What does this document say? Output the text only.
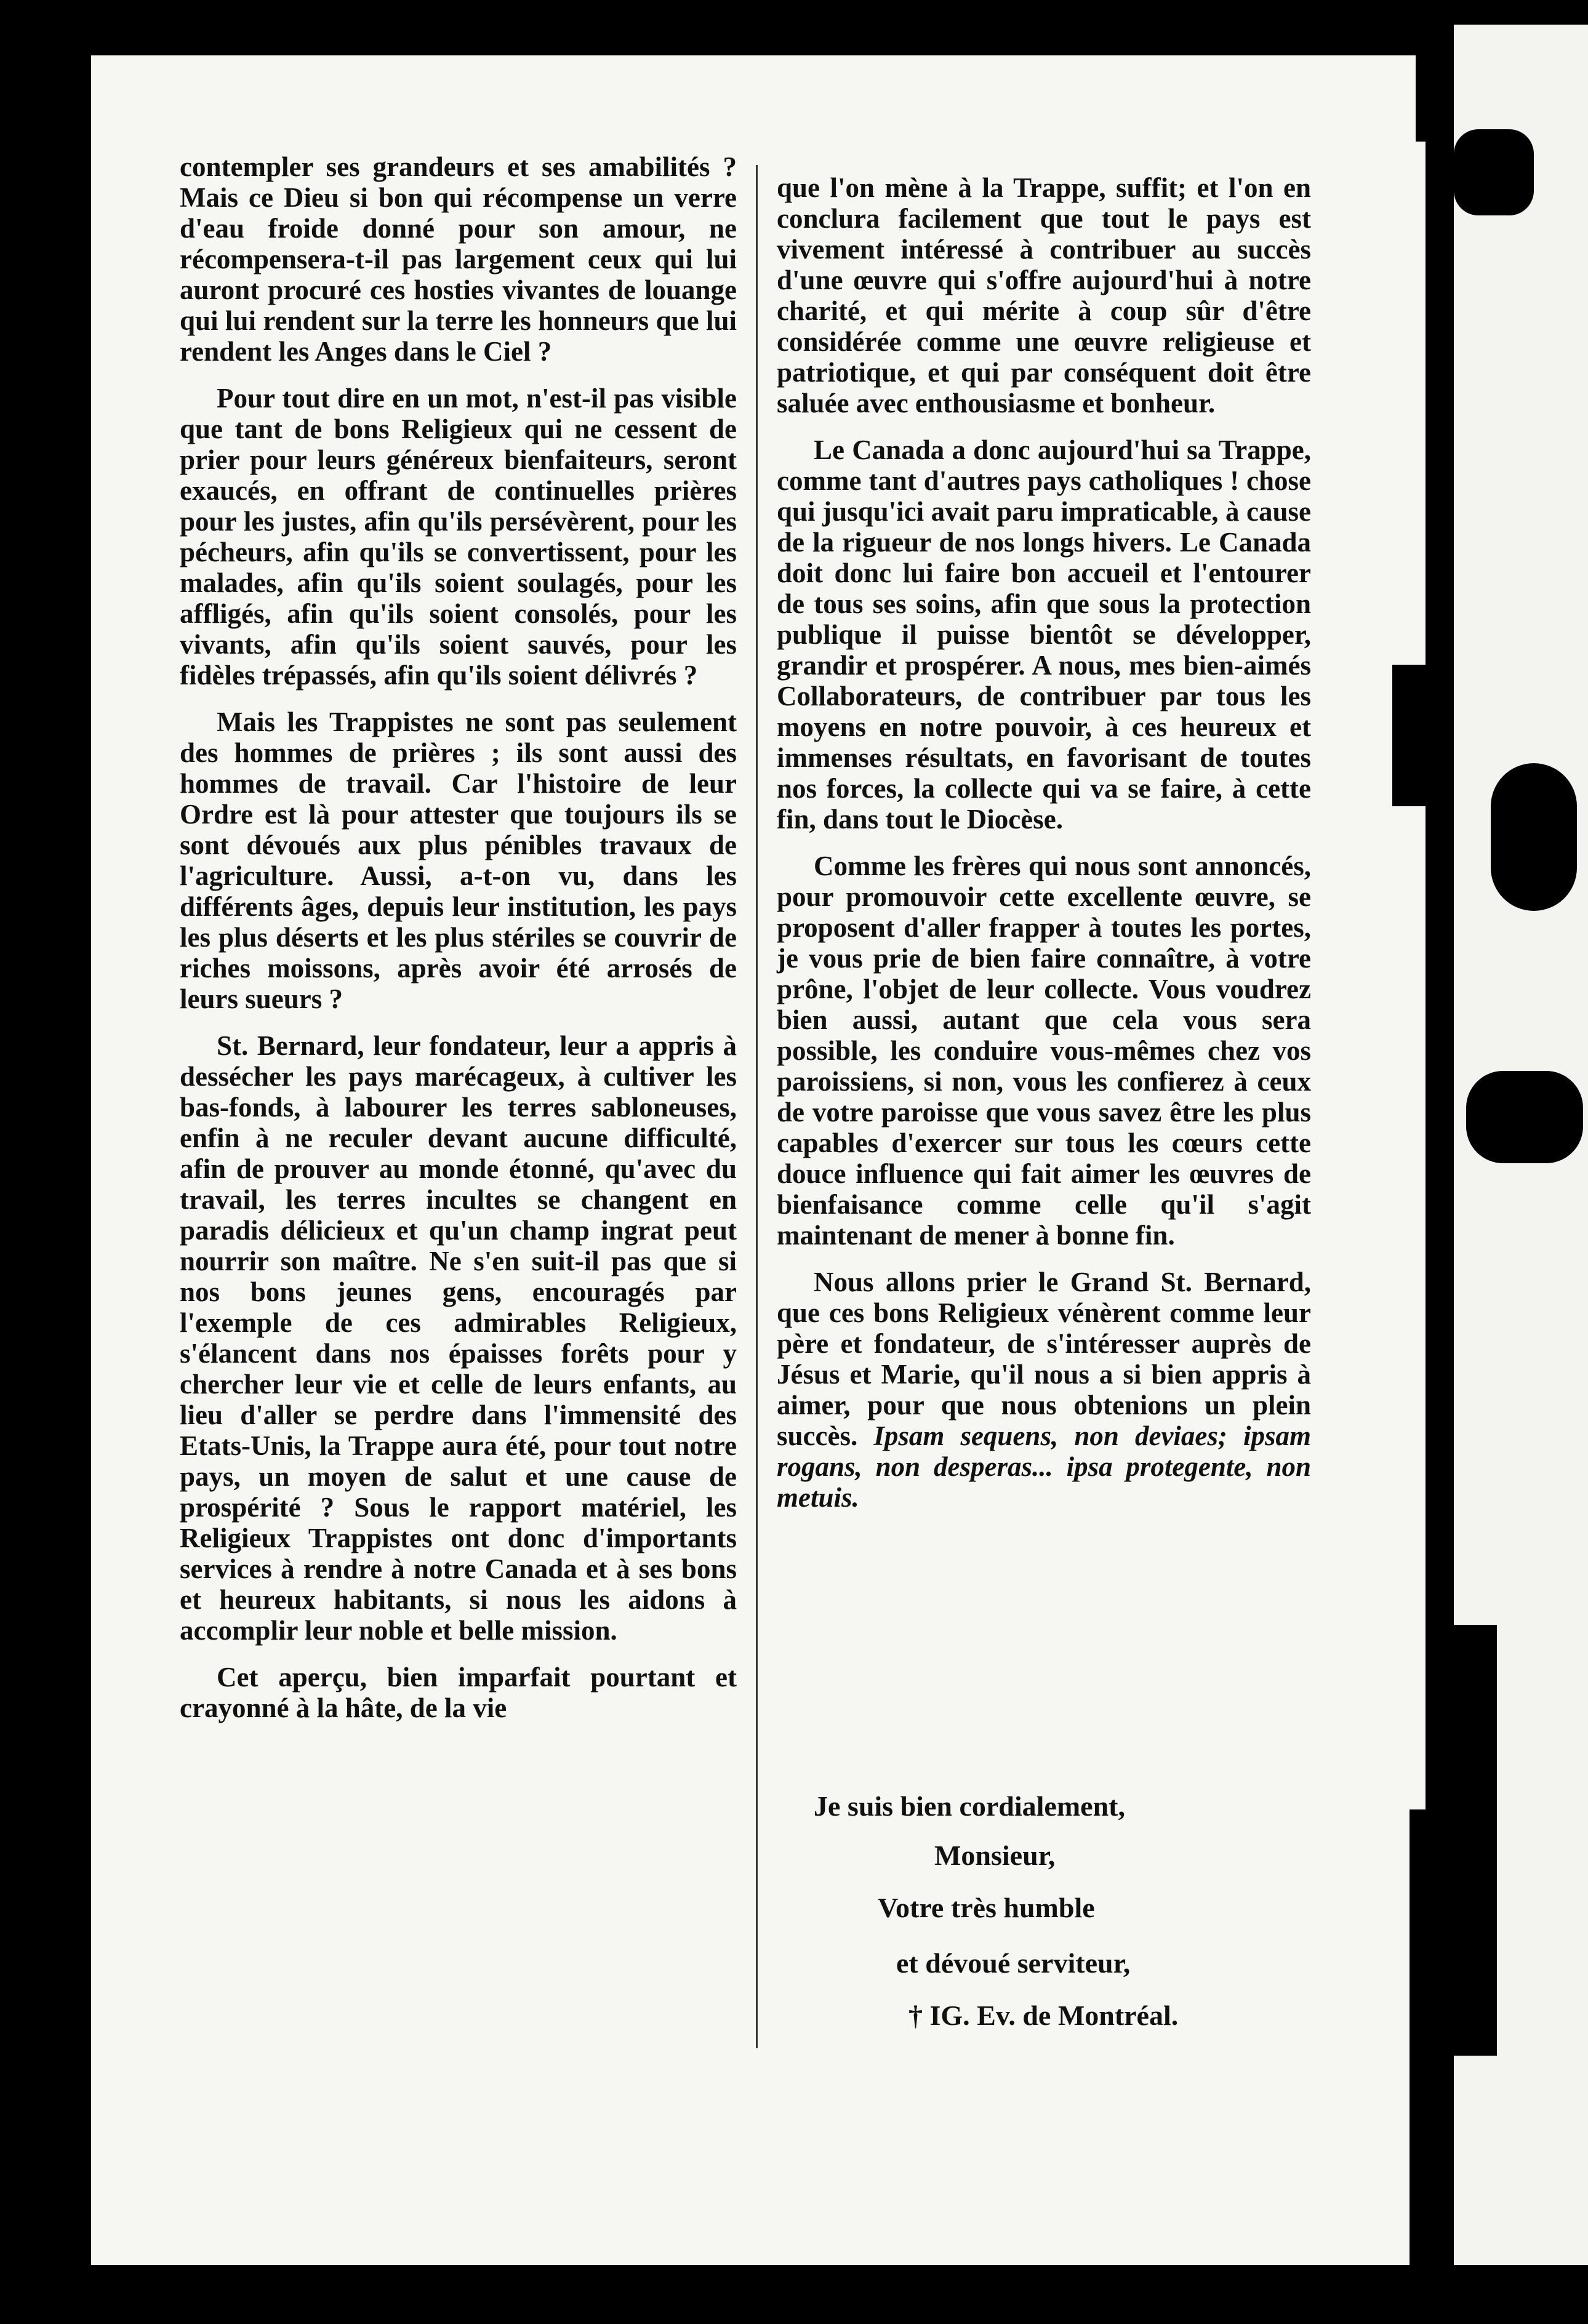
contempler ses grandeurs et ses amabilités ? Mais ce Dieu si bon qui récompense un verre d'eau froide donné pour son amour, ne récompensera-t-il pas largement ceux qui lui auront procuré ces hosties vivantes de louange qui lui rendent sur la terre les honneurs que lui rendent les Anges dans le Ciel ?

Pour tout dire en un mot, n'est-il pas visible que tant de bons Religieux qui ne cessent de prier pour leurs généreux bienfaiteurs, seront exaucés, en offrant de continuelles prières pour les justes, afin qu'ils persévèrent, pour les pécheurs, afin qu'ils se convertissent, pour les malades, afin qu'ils soient soulagés, pour les affligés, afin qu'ils soient consolés, pour les vivants, afin qu'ils soient sauvés, pour les fidèles trépassés, afin qu'ils soient délivrés ?

Mais les Trappistes ne sont pas seulement des hommes de prières ; ils sont aussi des hommes de travail. Car l'histoire de leur Ordre est là pour attester que toujours ils se sont dévoués aux plus pénibles travaux de l'agriculture. Aussi, a-t-on vu, dans les différents âges, depuis leur institution, les pays les plus déserts et les plus stériles se couvrir de riches moissons, après avoir été arrosés de leurs sueurs ?

St. Bernard, leur fondateur, leur a appris à dessécher les pays marécageux, à cultiver les bas-fonds, à labourer les terres sabloneuses, enfin à ne reculer devant aucune difficulté, afin de prouver au monde étonné, qu'avec du travail, les terres incultes se changent en paradis délicieux et qu'un champ ingrat peut nourrir son maître. Ne s'en suit-il pas que si nos bons jeunes gens, encouragés par l'exemple de ces admirables Religieux, s'élancent dans nos épaisses forêts pour y chercher leur vie et celle de leurs enfants, au lieu d'aller se perdre dans l'immensité des Etats-Unis, la Trappe aura été, pour tout notre pays, un moyen de salut et une cause de prospérité ? Sous le rapport matériel, les Religieux Trappistes ont donc d'importants services à rendre à notre Canada et à ses bons et heureux habitants, si nous les aidons à accomplir leur noble et belle mission.

Cet aperçu, bien imparfait pourtant et crayonné à la hâte, de la vie

que l'on mène à la Trappe, suffit; et l'on en conclura facilement que tout le pays est vivement intéressé à contribuer au succès d'une œuvre qui s'offre aujourd'hui à notre charité, et qui mérite à coup sûr d'être considérée comme une œuvre religieuse et patriotique, et qui par conséquent doit être saluée avec enthousiasme et bonheur.

Le Canada a donc aujourd'hui sa Trappe, comme tant d'autres pays catholiques ! chose qui jusqu'ici avait paru impraticable, à cause de la rigueur de nos longs hivers. Le Canada doit donc lui faire bon accueil et l'entourer de tous ses soins, afin que sous la protection publique il puisse bientôt se développer, grandir et prospérer. A nous, mes bien-aimés Collaborateurs, de contribuer par tous les moyens en notre pouvoir, à ces heureux et immenses résultats, en favorisant de toutes nos forces, la collecte qui va se faire, à cette fin, dans tout le Diocèse.

Comme les frères qui nous sont annoncés, pour promouvoir cette excellente œuvre, se proposent d'aller frapper à toutes les portes, je vous prie de bien faire connaître, à votre prône, l'objet de leur collecte. Vous voudrez bien aussi, autant que cela vous sera possible, les conduire vous-mêmes chez vos paroissiens, si non, vous les confierez à ceux de votre paroisse que vous savez être les plus capables d'exercer sur tous les cœurs cette douce influence qui fait aimer les œuvres de bienfaisance comme celle qu'il s'agit maintenant de mener à bonne fin.

Nous allons prier le Grand St. Bernard, que ces bons Religieux vénèrent comme leur père et fondateur, de s'intéresser auprès de Jésus et Marie, qu'il nous a si bien appris à aimer, pour que nous obtenions un plein succès. Ipsam sequens, non deviaes; ipsam rogans, non desperas... ipsa protegente, non metuis.

Je suis bien cordialement,
Monsieur,
Votre très humble
et dévoué serviteur,
† IG. Ev. de Montréal.
